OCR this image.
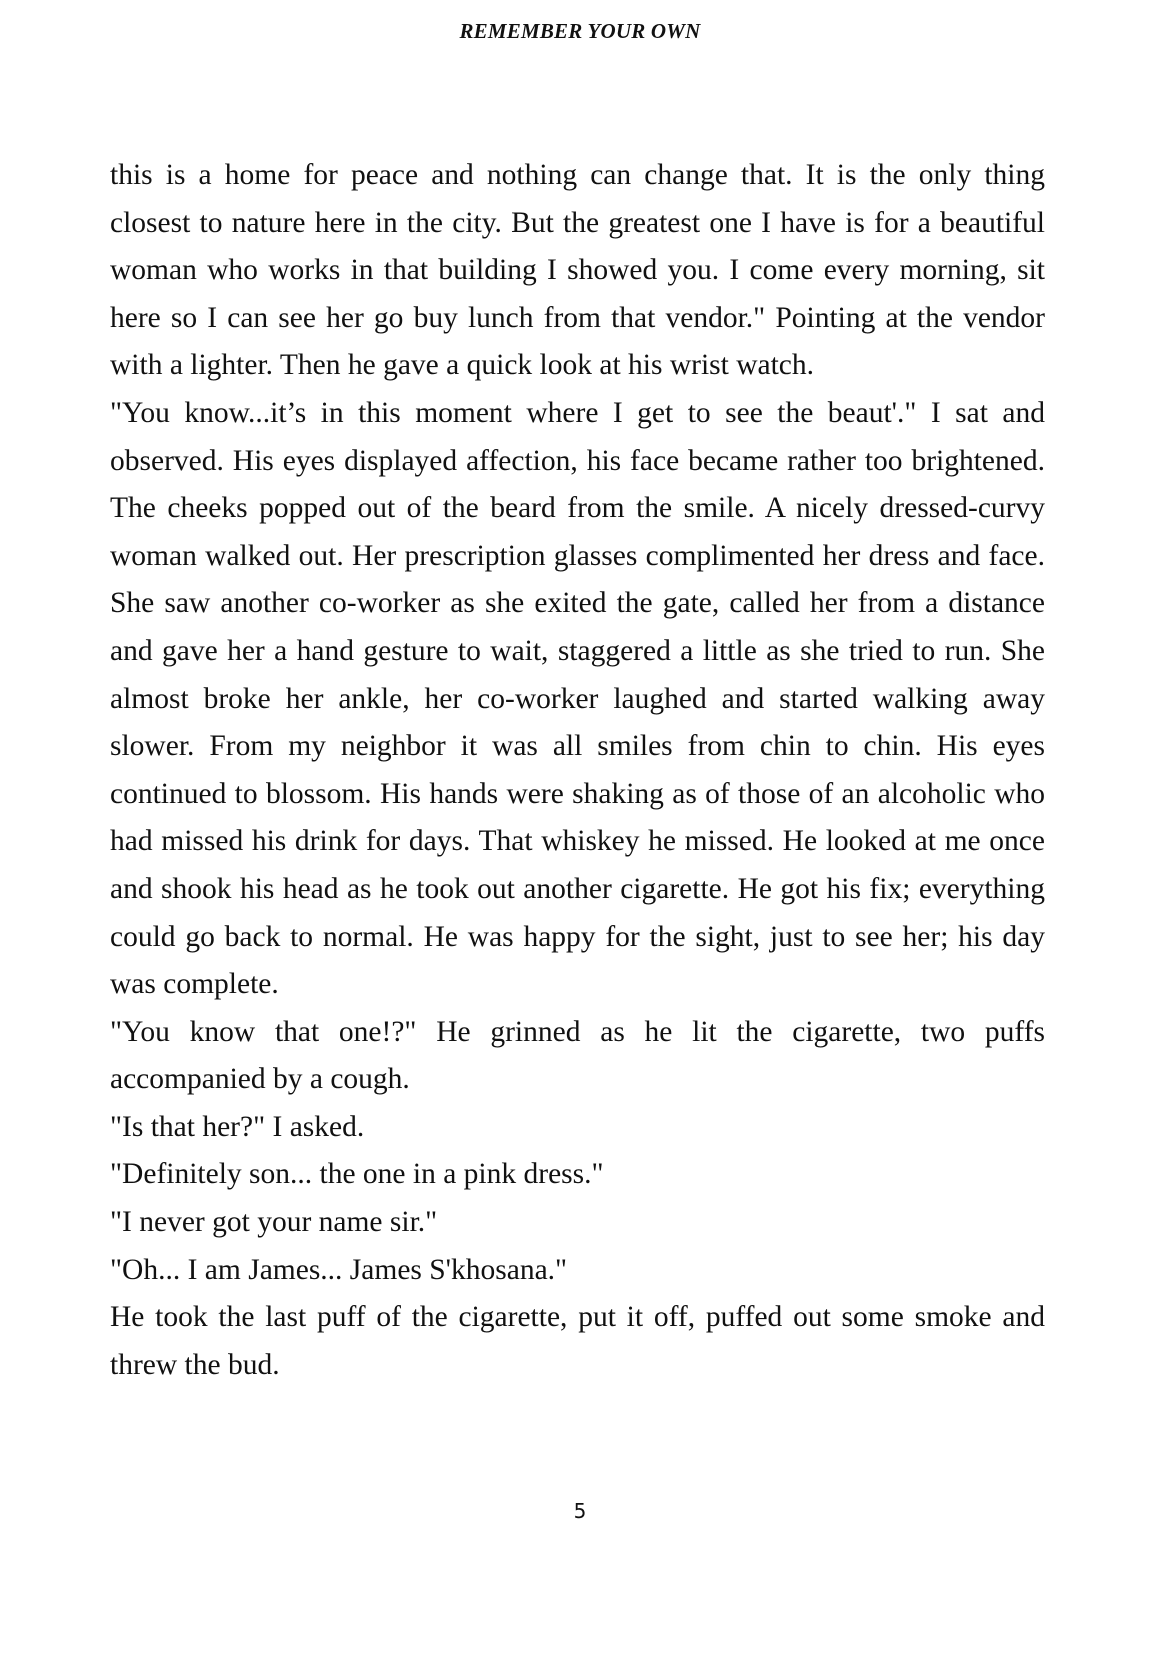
REMEMBER YOUR OWN

this is a home for peace and nothing can change that. It is the only thing closest to nature here in the city. But the greatest one I have is for a beautiful woman who works in that building I showed you. I come every morning, sit here so I can see her go buy lunch from that vendor." Pointing at the vendor with a lighter. Then he gave a quick look at his wrist watch.

"You know...it’s in this moment where I get to see the beaut'." I sat and observed. His eyes displayed affection, his face became rather too brightened. The cheeks popped out of the beard from the smile. A nicely dressed-curvy woman walked out. Her prescription glasses complimented her dress and face. She saw another co-worker as she exited the gate, called her from a distance and gave her a hand gesture to wait, staggered a little as she tried to run. She almost broke her ankle, her co-worker laughed and started walking away slower. From my neighbor it was all smiles from chin to chin. His eyes continued to blossom. His hands were shaking as of those of an alcoholic who had missed his drink for days. That whiskey he missed. He looked at me once and shook his head as he took out another cigarette. He got his fix; everything could go back to normal. He was happy for the sight, just to see her; his day was complete.

"You know that one!?" He grinned as he lit the cigarette, two puffs accompanied by a cough.

"Is that her?" I asked.

"Definitely son... the one in a pink dress."

"I never got your name sir."

"Oh... I am James... James S'khosana."

He took the last puff of the cigarette, put it off, puffed out some smoke and threw the bud.

5
